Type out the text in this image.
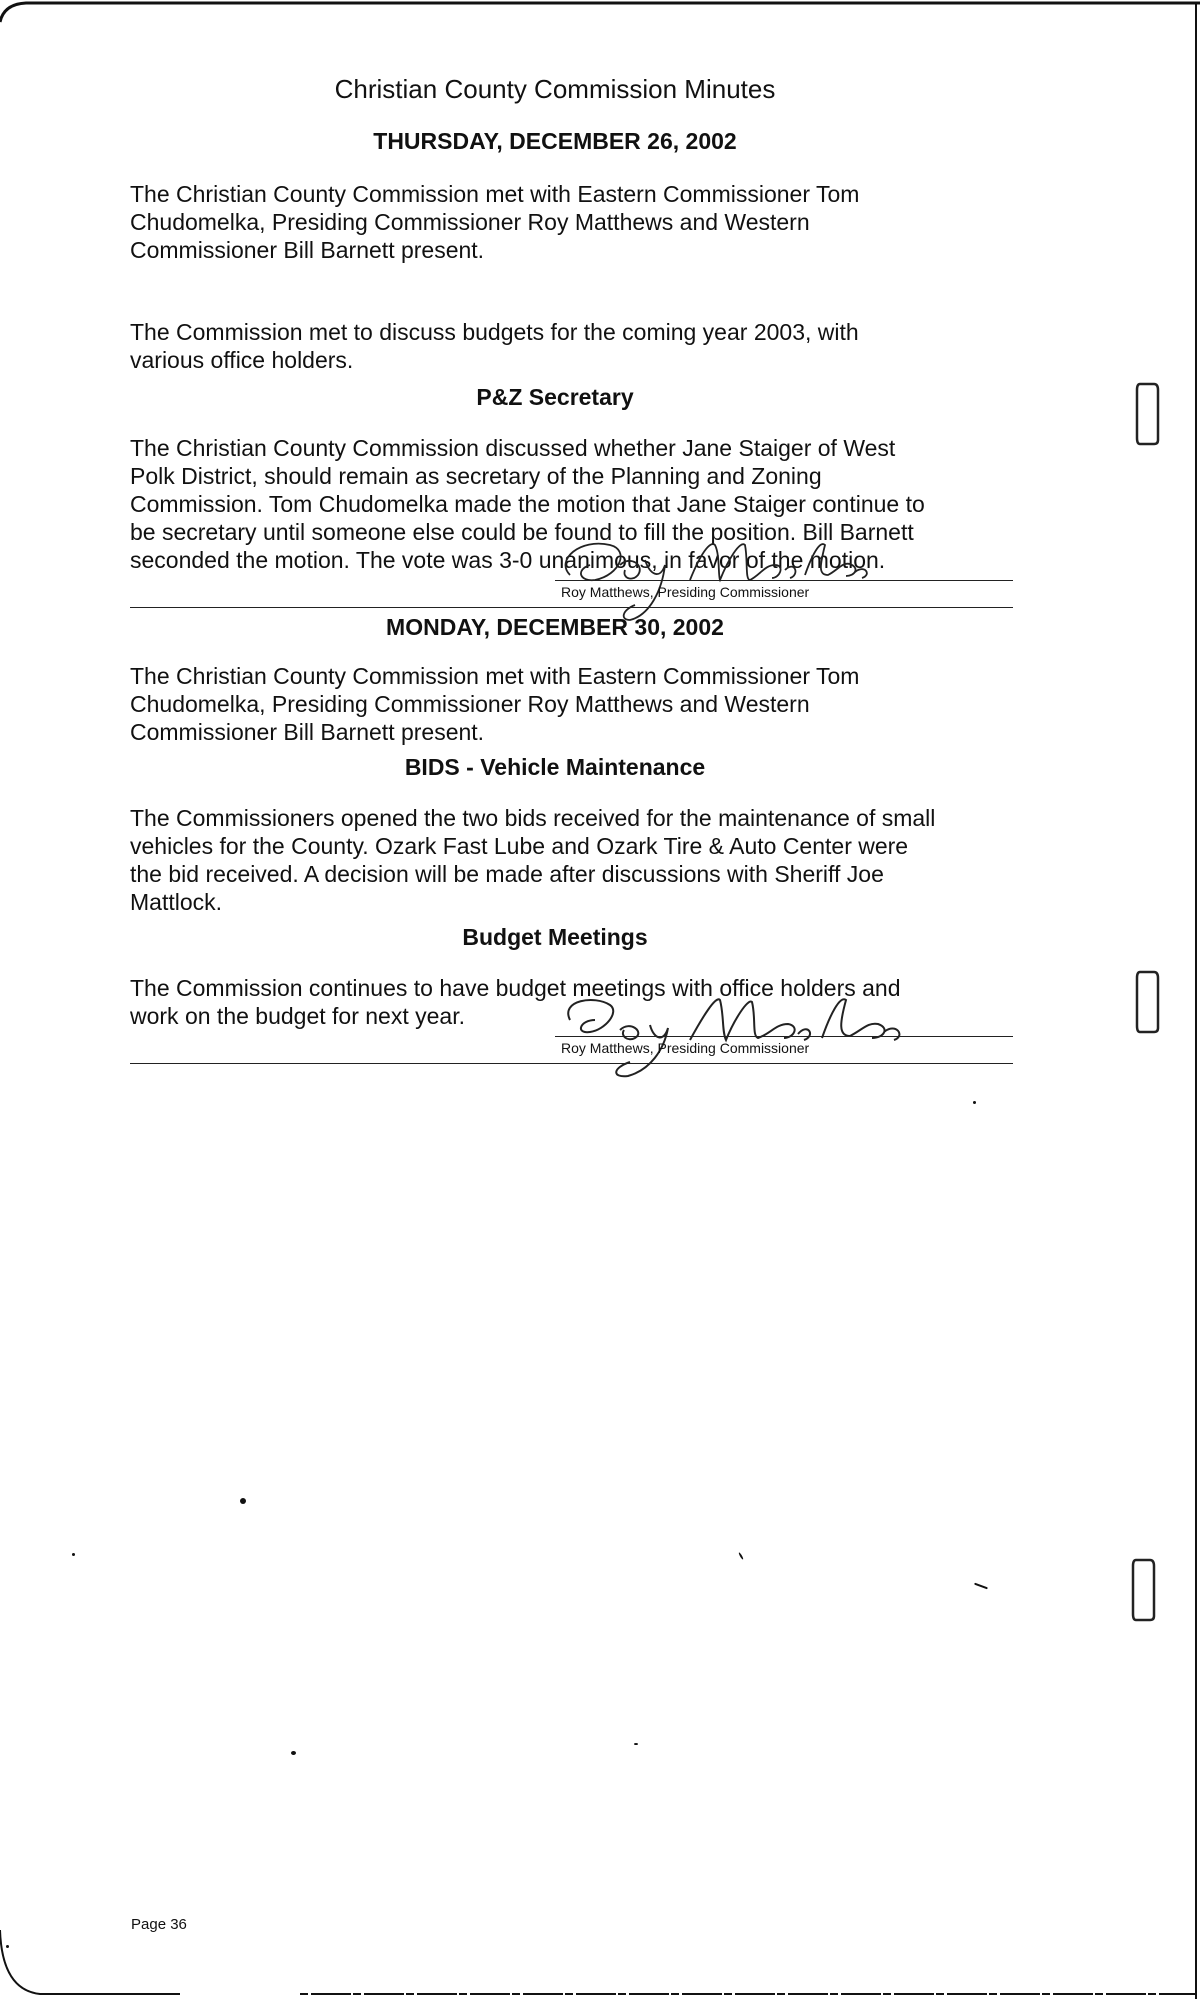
Christian County Commission Minutes
THURSDAY, DECEMBER 26, 2002
The Christian County Commission met with Eastern Commissioner Tom
Chudomelka, Presiding Commissioner Roy Matthews and Western
Commissioner Bill Barnett present.
The Commission met to discuss budgets for the coming year 2003, with
various office holders.
P&Z Secretary
The Christian County Commission discussed whether Jane Staiger of West
Polk District, should remain as secretary of the Planning and Zoning
Commission. Tom Chudomelka made the motion that Jane Staiger continue to
be secretary until someone else could be found to fill the position. Bill Barnett
seconded the motion. The vote was 3-0 unanimous, in favor of the motion.
Roy Matthews, Presiding Commissioner
MONDAY, DECEMBER 30, 2002
The Christian County Commission met with Eastern Commissioner Tom
Chudomelka, Presiding Commissioner Roy Matthews and Western
Commissioner Bill Barnett present.
BIDS - Vehicle Maintenance
The Commissioners opened the two bids received for the maintenance of small
vehicles for the County. Ozark Fast Lube and Ozark Tire & Auto Center were
the bid received. A decision will be made after discussions with Sheriff Joe
Mattlock.
Budget Meetings
The Commission continues to have budget meetings with office holders and
work on the budget for next year.
Roy Matthews, Presiding Commissioner
Page 36
